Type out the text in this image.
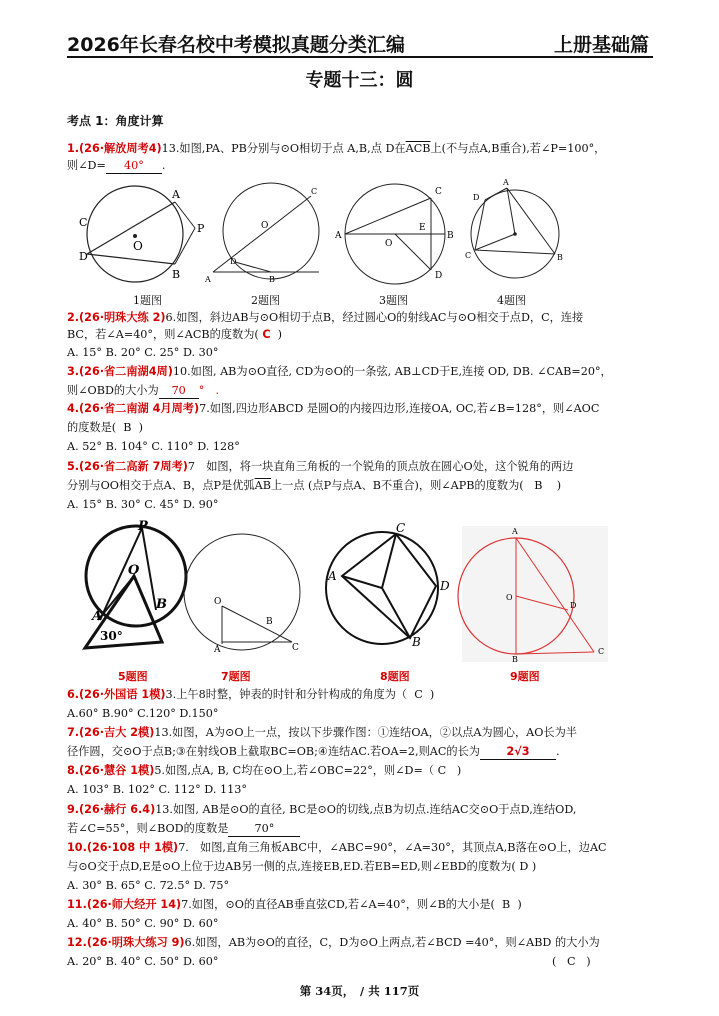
2026年长春名校中考模拟真题分类汇编	上册基础篇
专题十三：圆
考点 1：角度计算
1.(26·解放周考4)13.如图,PA、PB分别与⊙O相切于点 A,B,点 D在$\overline{ACB}$上(不与点A,B重合),若∠P=100°，
则∠D= 40° .
C
O
A
P
D
B
O
D
A	B
C
A
O
E
C
D
B
D
A
C	B
1题图	2题图	3题图	4题图
2.(26·明珠大练 2)6.如图，斜边AB与⊙O相切于点B，经过圆心O的射线AC与⊙O相交于点D，C，连接
BC，若∠A=40°，则∠ACB的度数为( C )
A. 15° B. 20° C. 25° D. 30°
3.(26·省二南湖4周)10.如图, AB为⊙O直径, CD为⊙O的一条弦, AB⊥CD于E,连接 OD, DB. ∠CAB=20°，
则∠OBD的大小为 70 °　.
4.(26·省二南湖 4月周考)7.如图,四边形ABCD 是圆O的内接四边形,连接OA, OC,若∠B=128°，则∠AOC
的度数是( B )
A. 52° B. 104° C. 110° D. 128°
5.(26·省二高新 7周考)7　如图，将一块直角三角板的一个锐角的顶点放在圆心O处，这个锐角的两边
分别与OO相交于点A、B，点P是优弧$\overline{AB}$上一点 (点P与点A、B不重合)，则∠APB的度数为( B )
A. 15° B. 30° C. 45° D. 90°
P
O
A
B
30°
O
B
A	C
A
C
D
B
A
O
D
B
C
5题图	7题图	8题图	9题图
6.(26·外国语 1模)3.上午8时整，钟表的时针和分针构成的角度为（ C )
A.60° B.90° C.120° D.150°
7.(26·吉大 2模)13.如图，A为⊙O上一点，按以下步骤作图：①连结OA，②以点A为圆心，AO长为半
径作圆，交⊙O于点B;③在射线OB上截取BC=OB;④连结AC.若OA=2,则AC的长为 2√3 .
8.(26·慧谷 1模)5.如图,点A, B, C均在⊙O上,若∠OBC=22°，则∠D=（ C )
A. 103° B. 102° C. 112° D. 113°
9.(26·赫行 6.4)13.如图, AB是⊙O的直径, BC是⊙O的切线,点B为切点.连结AC交⊙O于点D,连结OD,
若∠C=55°，则∠BOD的度数是 70°
10.(26·108 中 1模)7.　如图,直角三角板ABC中，∠ABC=90°，∠A=30°，其顶点A,B落在⊙O上，边AC
与⊙O交于点D,E是⊙O上位于边AB另一侧的点,连接EB,ED.若EB=ED,则∠EBD的度数为( D )
A. 30° B. 65° C. 72.5° D. 75°
11.(26·师大经开 14)7.如图，⊙O的直径AB垂直弦CD,若∠A=40°，则∠B的大小是( B )
A. 40° B. 50° C. 90° D. 60°
12.(26·明珠大练习 9)6.如图，AB为⊙O的直径，C，D为⊙O上两点,若∠BCD =40°，则∠ABD 的大小为
A. 20° B. 40° C. 50° D. 60°	(   C   )
第 34页，　/ 共 117页
